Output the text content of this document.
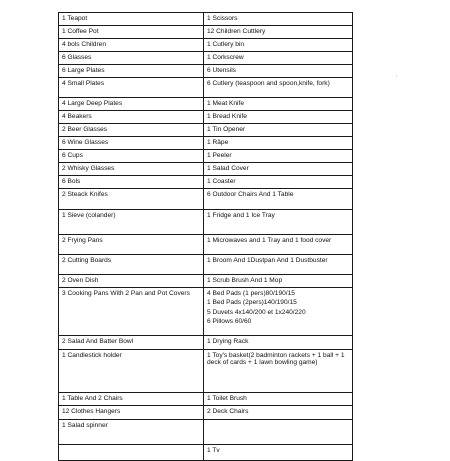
1 Teapot	1 Scissors

1 Coffee Pot	12 Children Cuttlery

4 bols Children	1 Cutlery bin

6 Glasses	1 Corkscrew

6 Large Plates	6 Utensils

4 Small Plates	6 Cutlery (teaspoon and spoon,knife, fork)

4 Large Deep Plates	1 Meat Knife

4 Beakers	1 Bread Knife

2 Beer Glasses	1 Tin Opener

6 Wine Glasses	1 Râpe

6 Cups	1 Peeler

2 Whisky Glasses	1 Salad Cover

6 Bols	1 Coaster

2 Steack Knifes	6 Outdoor Chairs And 1 Table

1 Sieve (colander)	1 Fridge and 1 Ice Tray

2 Frying Pans	1 Microwaves and 1 Tray and 1 food cover

2 Cutting Boards	1 Broom And 1Dustpan And 1 Dustbuster

2 Oven Dish	1 Scrub Brush And 1 Mop

3 Cooking Pans With 2 Pan and Pot Covers	4 Bed Pads (1 pers)80/190/15
1 Bed Pads (2pers)140/190/15
5 Duvets 4x140/200 et 1x240/220
6 Pillows 60/60

2 Salad And Batter Bowl	1 Drying Rack

1 Candlestick holder	1 Toy's basket(2 badminton rackets + 1 ball + 1 deck of cards + 1 lawn bowling game)

1 Table And 2 Chairs	1 Toilet Brush

12 Clothes Hangers	2 Deck Chairs

1 Salad spinner	

	1 Tv
‚
